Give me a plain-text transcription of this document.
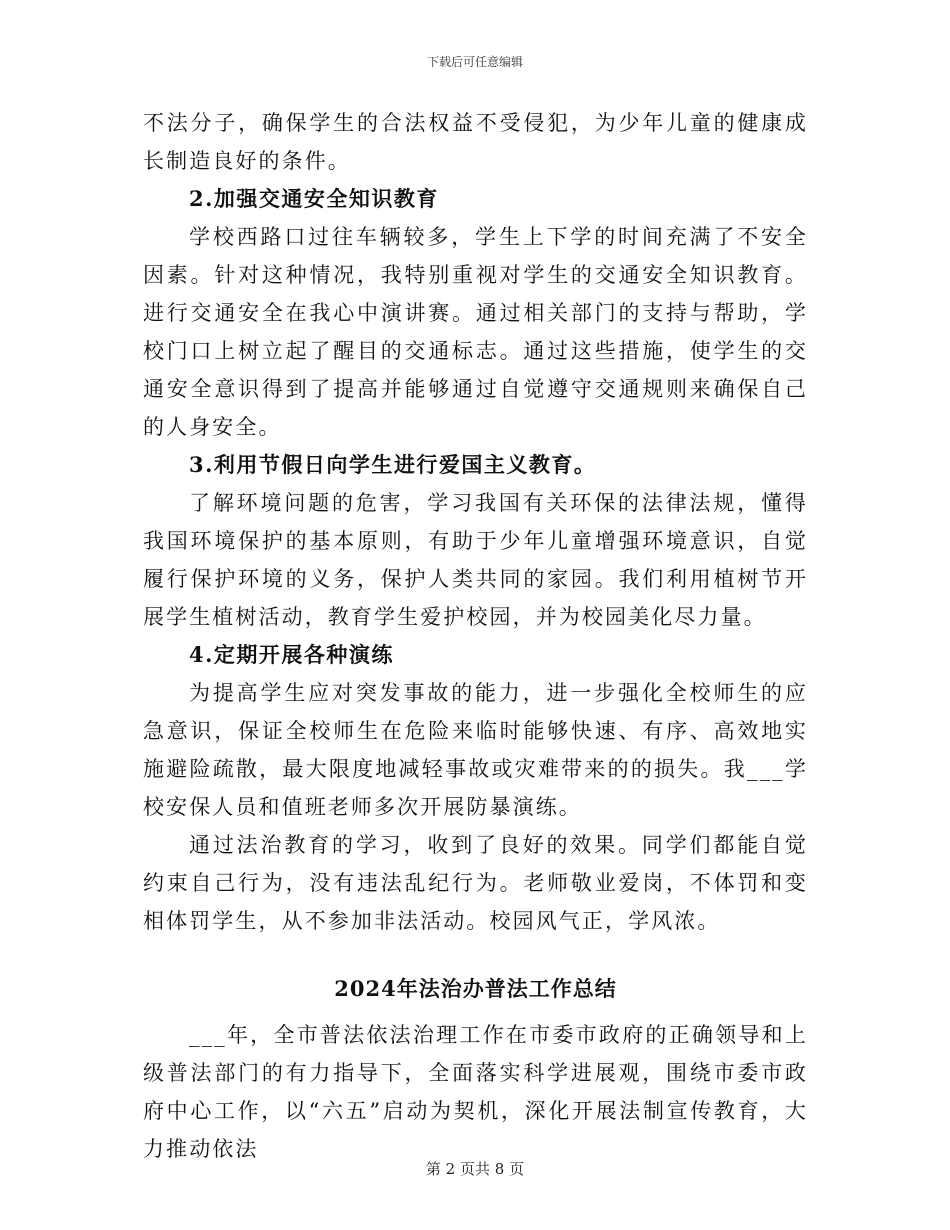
下载后可任意编辑

不法分子，确保学生的合法权益不受侵犯，为少年儿童的健康成长制造良好的条件。

2.加强交通安全知识教育

学校西路口过往车辆较多，学生上下学的时间充满了不安全因素。针对这种情况，我特别重视对学生的交通安全知识教育。进行交通安全在我心中演讲赛。通过相关部门的支持与帮助，学校门口上树立起了醒目的交通标志。通过这些措施，使学生的交通安全意识得到了提高并能够通过自觉遵守交通规则来确保自己的人身安全。

3.利用节假日向学生进行爱国主义教育。

了解环境问题的危害，学习我国有关环保的法律法规，懂得我国环境保护的基本原则，有助于少年儿童增强环境意识，自觉履行保护环境的义务，保护人类共同的家园。我们利用植树节开展学生植树活动，教育学生爱护校园，并为校园美化尽力量。

4.定期开展各种演练

为提高学生应对突发事故的能力，进一步强化全校师生的应急意识，保证全校师生在危险来临时能够快速、有序、高效地实施避险疏散，最大限度地减轻事故或灾难带来的的损失。我___学校安保人员和值班老师多次开展防暴演练。

通过法治教育的学习，收到了良好的效果。同学们都能自觉约束自己行为，没有违法乱纪行为。老师敬业爱岗，不体罚和变相体罚学生，从不参加非法活动。校园风气正，学风浓。

2024年法治办普法工作总结

___年，全市普法依法治理工作在市委市政府的正确领导和上级普法部门的有力指导下，全面落实科学进展观，围绕市委市政府中心工作，以“六五”启动为契机，深化开展法制宣传教育，大力推动依法

第 2 页共 8 页
